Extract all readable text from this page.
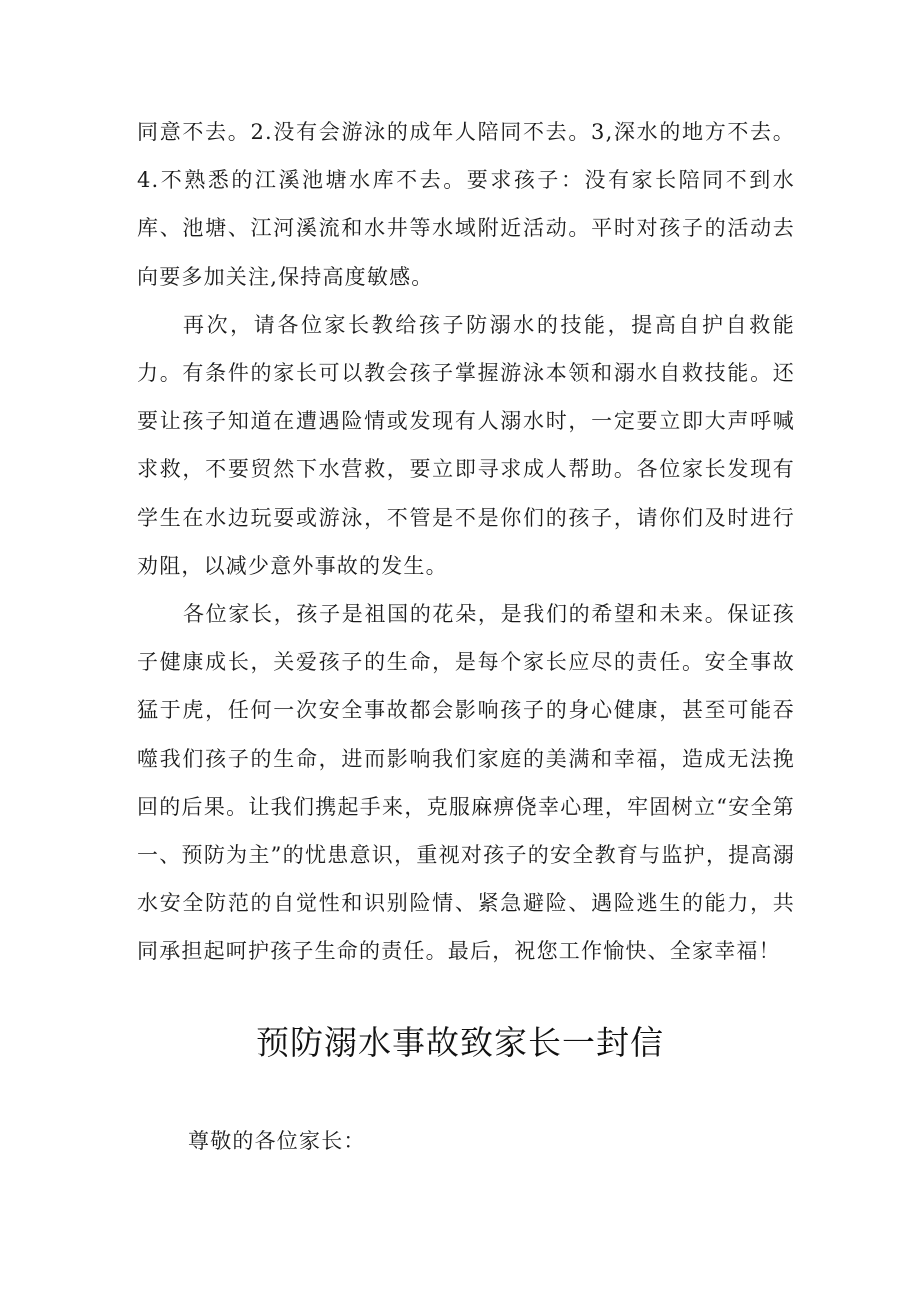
同意不去。2.没有会游泳的成年人陪同不去。3,深水的地方不去。4.不熟悉的江溪池塘水库不去。要求孩子：没有家长陪同不到水库、池塘、江河溪流和水井等水域附近活动。平时对孩子的活动去向要多加关注,保持高度敏感。

再次，请各位家长教给孩子防溺水的技能，提高自护自救能力。有条件的家长可以教会孩子掌握游泳本领和溺水自救技能。还要让孩子知道在遭遇险情或发现有人溺水时，一定要立即大声呼喊求救，不要贸然下水营救，要立即寻求成人帮助。各位家长发现有学生在水边玩耍或游泳，不管是不是你们的孩子，请你们及时进行劝阻，以减少意外事故的发生。

各位家长，孩子是祖国的花朵，是我们的希望和未来。保证孩子健康成长，关爱孩子的生命，是每个家长应尽的责任。安全事故猛于虎，任何一次安全事故都会影响孩子的身心健康，甚至可能吞噬我们孩子的生命，进而影响我们家庭的美满和幸福，造成无法挽回的后果。让我们携起手来，克服麻痹侥幸心理，牢固树立“安全第一、预防为主”的忧患意识，重视对孩子的安全教育与监护，提高溺水安全防范的自觉性和识别险情、紧急避险、遇险逃生的能力，共同承担起呵护孩子生命的责任。最后，祝您工作愉快、全家幸福！

预防溺水事故致家长一封信

尊敬的各位家长：
